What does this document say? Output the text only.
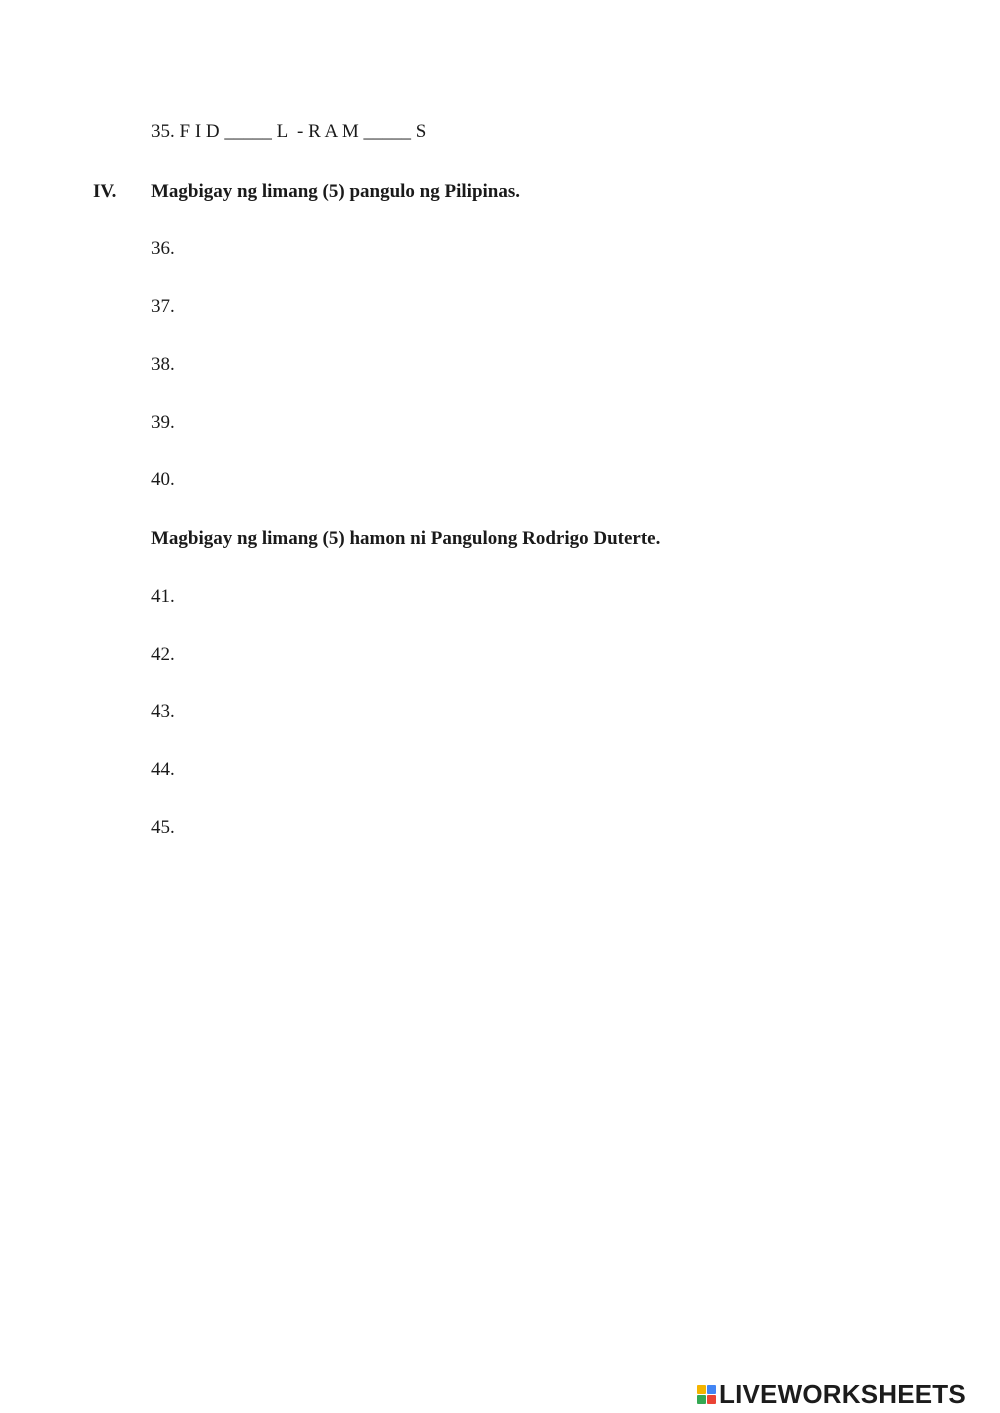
35. F I D _____ L  - R A M _____ S
IV. Magbigay ng limang (5) pangulo ng Pilipinas.
36.
37.
38.
39.
40.
Magbigay ng limang (5) hamon ni Pangulong Rodrigo Duterte.
41.
42.
43.
44.
45.
LIVEWORKSHEETS
